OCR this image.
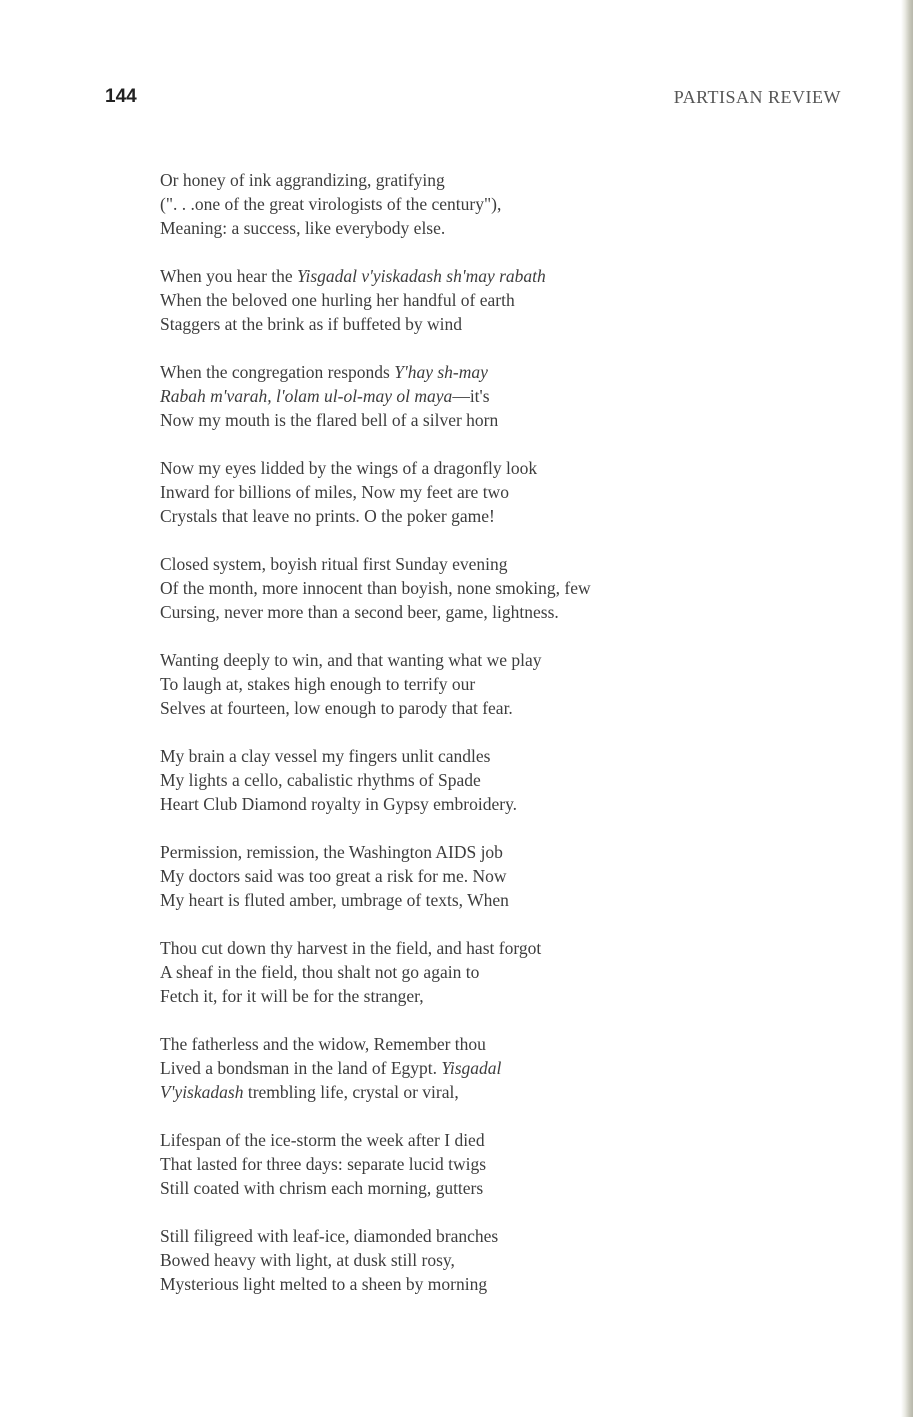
144	PARTISAN REVIEW
Or honey of ink aggrandizing, gratifying
(". . .one of the great virologists of the century"),
Meaning: a success, like everybody else.
When you hear the Yisgadal v'yiskadash sh'may rabath
When the beloved one hurling her handful of earth
Staggers at the brink as if buffeted by wind
When the congregation responds Y'hay sh-may
Rabah m'varah, l'olam ul-ol-may ol maya—it's
Now my mouth is the flared bell of a silver horn
Now my eyes lidded by the wings of a dragonfly look
Inward for billions of miles, Now my feet are two
Crystals that leave no prints. O the poker game!
Closed system, boyish ritual first Sunday evening
Of the month, more innocent than boyish, none smoking, few
Cursing, never more than a second beer, game, lightness.
Wanting deeply to win, and that wanting what we play
To laugh at, stakes high enough to terrify our
Selves at fourteen, low enough to parody that fear.
My brain a clay vessel my fingers unlit candles
My lights a cello, cabalistic rhythms of Spade
Heart Club Diamond royalty in Gypsy embroidery.
Permission, remission, the Washington AIDS job
My doctors said was too great a risk for me. Now
My heart is fluted amber, umbrage of texts, When
Thou cut down thy harvest in the field, and hast forgot
A sheaf in the field, thou shalt not go again to
Fetch it, for it will be for the stranger,
The fatherless and the widow, Remember thou
Lived a bondsman in the land of Egypt. Yisgadal
V'yiskadash trembling life, crystal or viral,
Lifespan of the ice-storm the week after I died
That lasted for three days: separate lucid twigs
Still coated with chrism each morning, gutters
Still filigreed with leaf-ice, diamonded branches
Bowed heavy with light, at dusk still rosy,
Mysterious light melted to a sheen by morning
